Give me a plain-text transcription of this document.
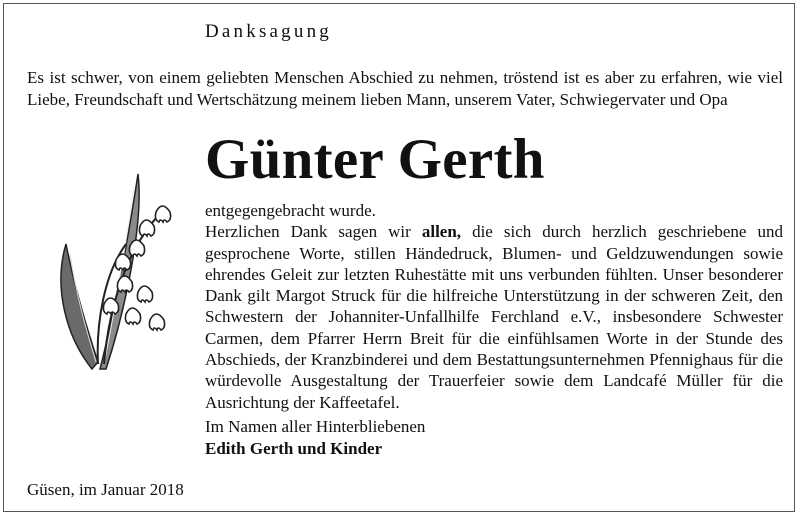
Danksagung

Es ist schwer, von einem geliebten Menschen Abschied zu nehmen, tröstend ist es aber zu erfahren, wie viel Liebe, Freundschaft und Wertschätzung meinem lieben Mann, unserem Vater, Schwiegervater und Opa

Günter Gerth

entgegengebracht wurde.

Herzlichen Dank sagen wir allen, die sich durch herzlich geschriebene und gesprochene Worte, stillen Händedruck, Blumen- und Geldzuwendungen sowie ehrendes Geleit zur letzten Ruhestätte mit uns verbunden fühlten. Unser besonderer Dank gilt Margot Struck für die hilfreiche Unterstützung in der schweren Zeit, den Schwestern der Johanniter-Unfallhilfe Ferchland e.V., insbesondere Schwester Carmen, dem Pfarrer Herrn Breit für die einfühlsamen Worte in der Stunde des Abschieds, der Kranzbinderei und dem Bestattungsunternehmen Pfennighaus für die würdevolle Ausgestaltung der Trauerfeier sowie dem Landcafé Müller für die Ausrichtung der Kaffeetafel.

Im Namen aller Hinterbliebenen

Edith Gerth und Kinder

Güsen, im Januar 2018
